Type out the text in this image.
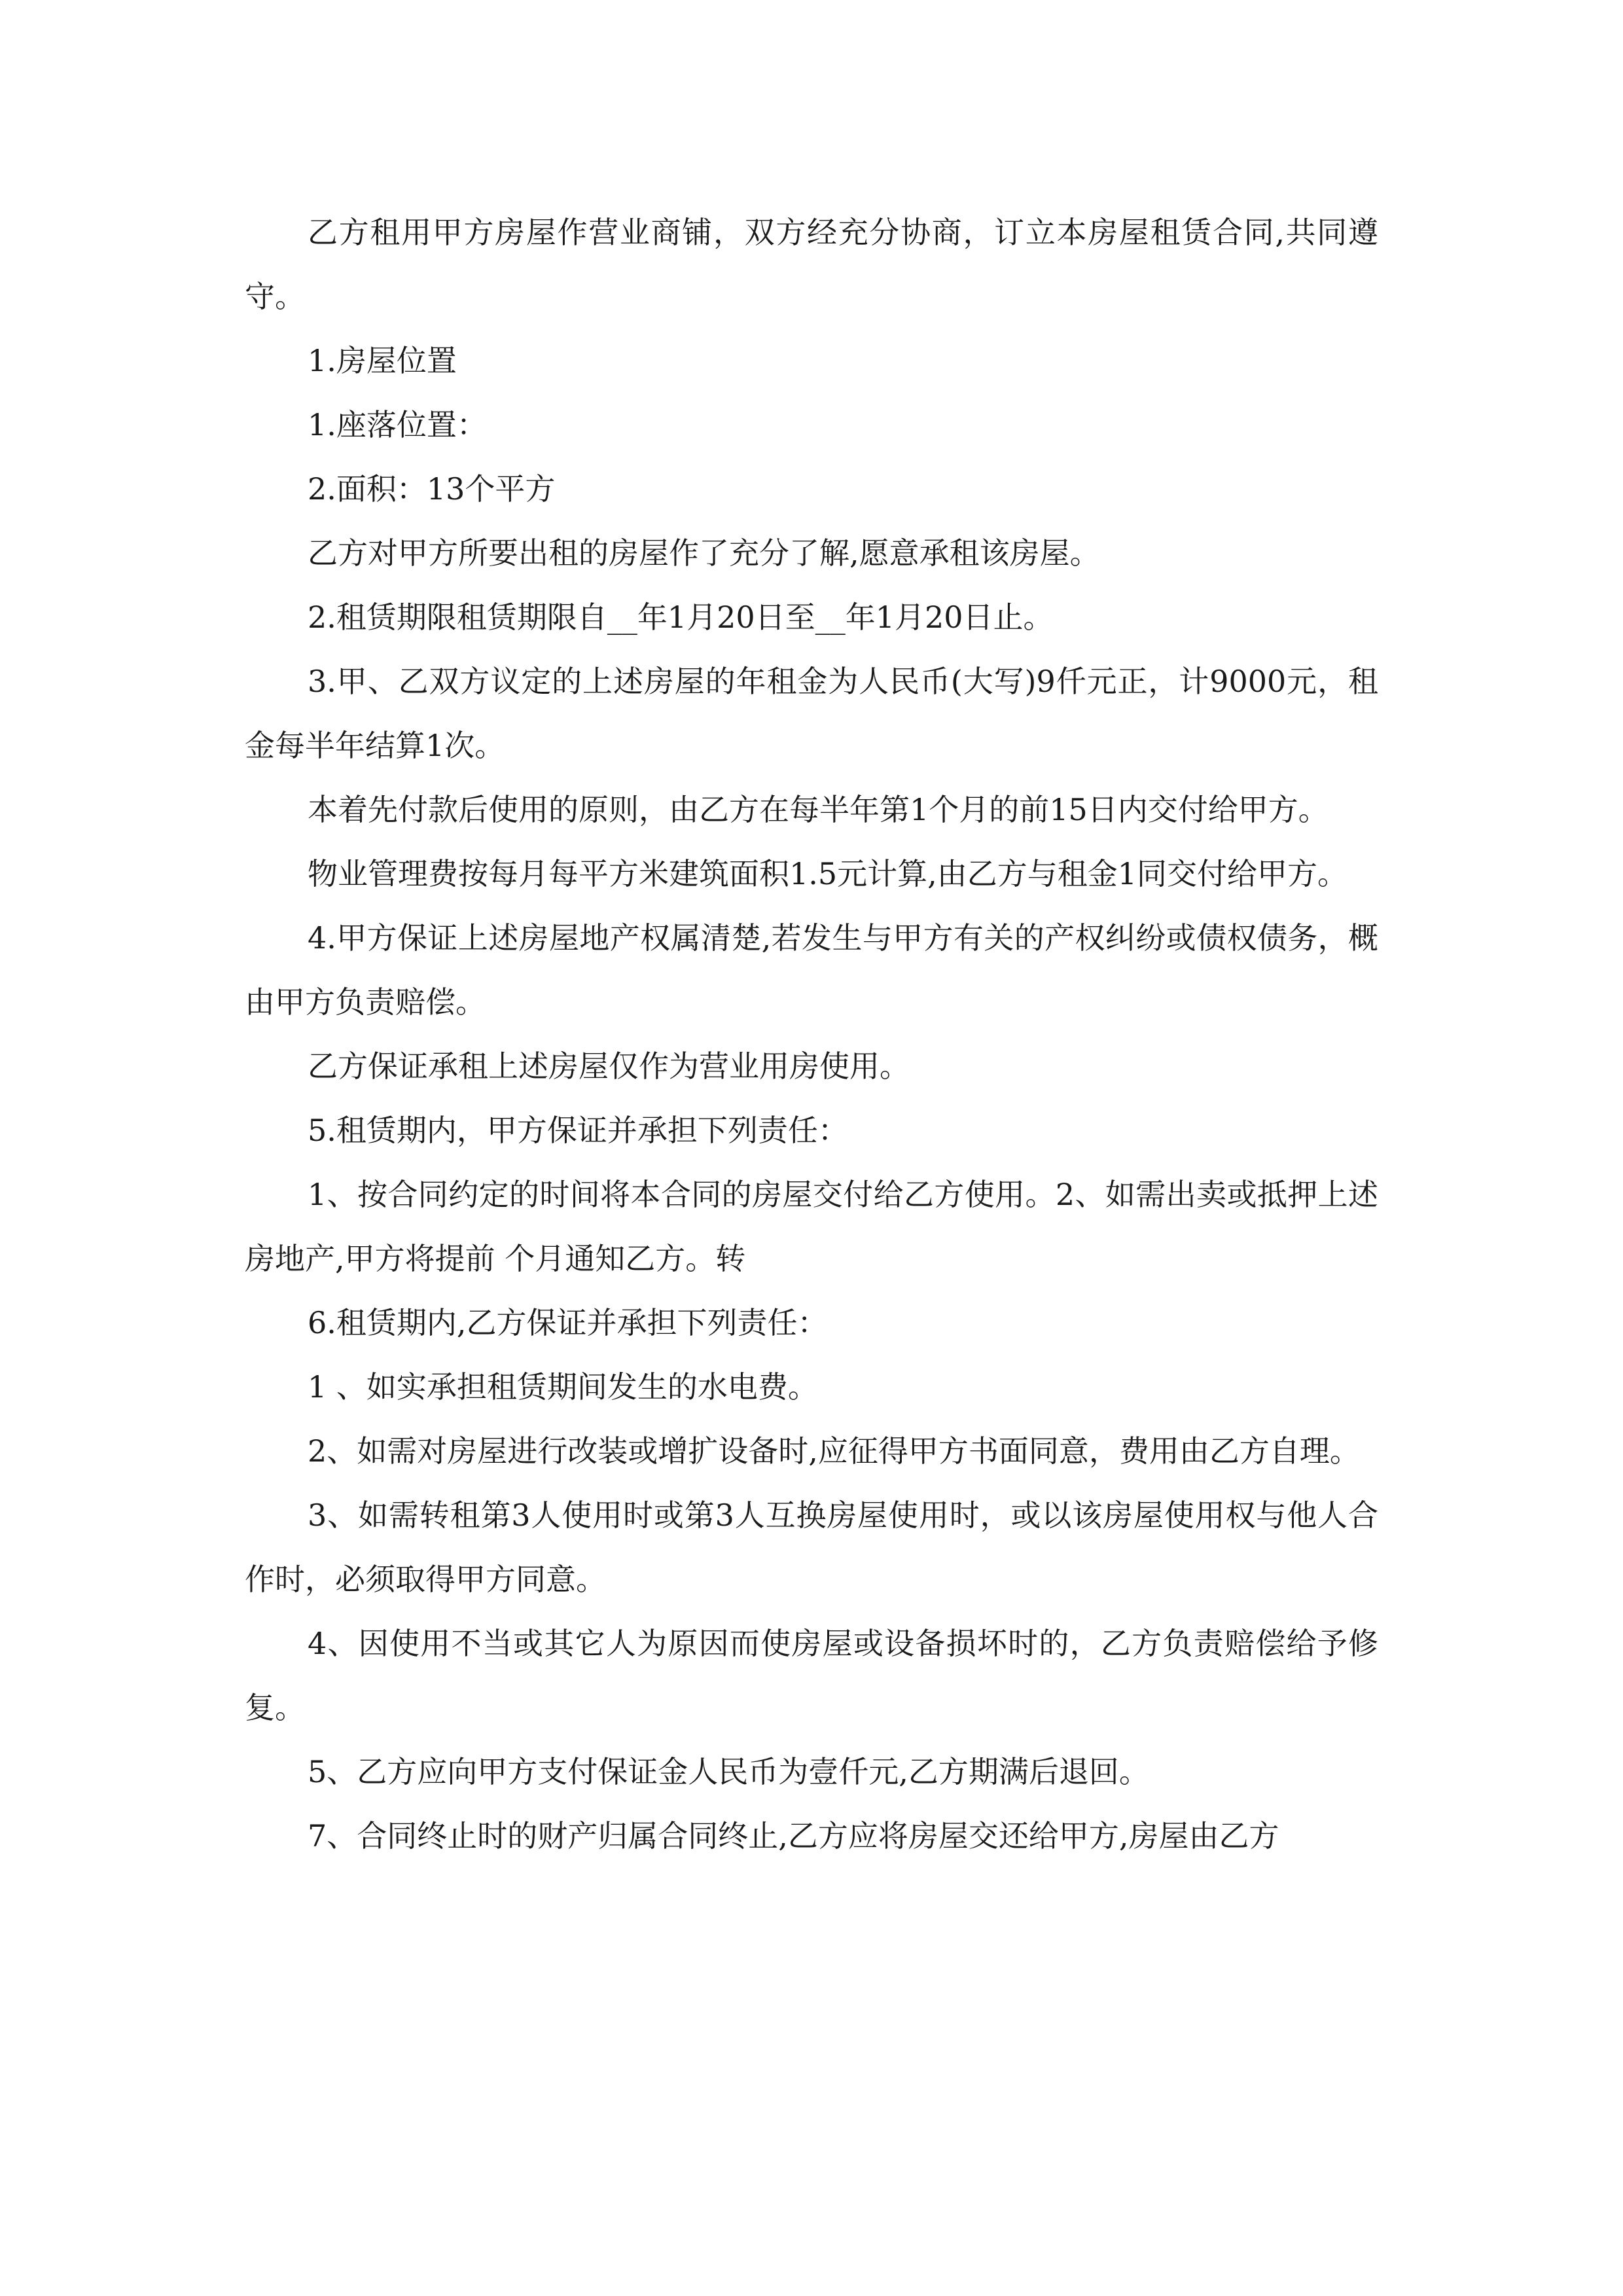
乙方租用甲方房屋作营业商铺，双方经充分协商，订立本房屋租赁合同,共同遵守。

1.房屋位置

1.座落位置：

2.面积：13个平方

乙方对甲方所要出租的房屋作了充分了解,愿意承租该房屋。

2.租赁期限租赁期限自__年1月20日至__年1月20日止。

3.甲、乙双方议定的上述房屋的年租金为人民币(大写)9仟元正，计9000元，租金每半年结算1次。

本着先付款后使用的原则，由乙方在每半年第1个月的前15日内交付给甲方。

物业管理费按每月每平方米建筑面积1.5元计算,由乙方与租金1同交付给甲方。

4.甲方保证上述房屋地产权属清楚,若发生与甲方有关的产权纠纷或债权债务，概由甲方负责赔偿。

乙方保证承租上述房屋仅作为营业用房使用。

5.租赁期内，甲方保证并承担下列责任：

1、按合同约定的时间将本合同的房屋交付给乙方使用。2、如需出卖或抵押上述房地产,甲方将提前 个月通知乙方。转

6.租赁期内,乙方保证并承担下列责任：

1 、如实承担租赁期间发生的水电费。

2、如需对房屋进行改装或增扩设备时,应征得甲方书面同意，费用由乙方自理。

3、如需转租第3人使用时或第3人互换房屋使用时，或以该房屋使用权与他人合作时，必须取得甲方同意。

4、因使用不当或其它人为原因而使房屋或设备损坏时的，乙方负责赔偿给予修复。

5、乙方应向甲方支付保证金人民币为壹仟元,乙方期满后退回。

7、合同终止时的财产归属合同终止,乙方应将房屋交还给甲方,房屋由乙方
